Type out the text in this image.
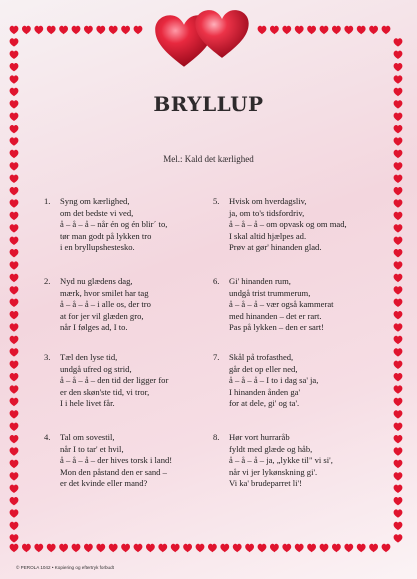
BRYLLUP
Mel.: Kald det kærlighed
1. Syng om kærlighed,
om det bedste vi ved,
å – å – å – når én og én blir´ to,
tør man godt på lykken tro
i en bryllupshestesko.
2. Nyd nu glædens dag,
mærk, hvor smilet har tag
å – å – å – i alle os, der tro
at for jer vil glæden gro,
når I følges ad, I to.
3. Tæl den lyse tid,
undgå ufred og strid,
å – å – å – den tid der ligger for
er den skøn'ste tid, vi tror,
I i hele livet får.
4. Tal om sovestil,
når I to tar' et hvil,
å – å – å – der hives torsk i land!
Mon den påstand den er sand –
er det kvinde eller mand?
5. Hvisk om hverdagsliv,
ja, om to's tidsfordriv,
å – å – å – om opvask og om mad,
I skal altid hjælpes ad.
Prøv at gør' hinanden glad.
6. Gi' hinanden rum,
undgå trist trummerum,
å – å – å – vær også kammerat
med hinanden – det er rart.
Pas på lykken – den er sart!
7. Skål på trofasthed,
går det op eller ned,
å – å – å – I to i dag sa' ja,
I hinanden ånden ga'
for at dele, gi' og ta'.
8. Hør vort hurraråb
fyldt med glæde og håb,
å – å – å – ja, „lykke til" vi si',
når vi jer lykønskning gi'.
Vi ka' brudeparret li'!
© PEROLA 1042 • Kopiering og eftertryk forbudt
